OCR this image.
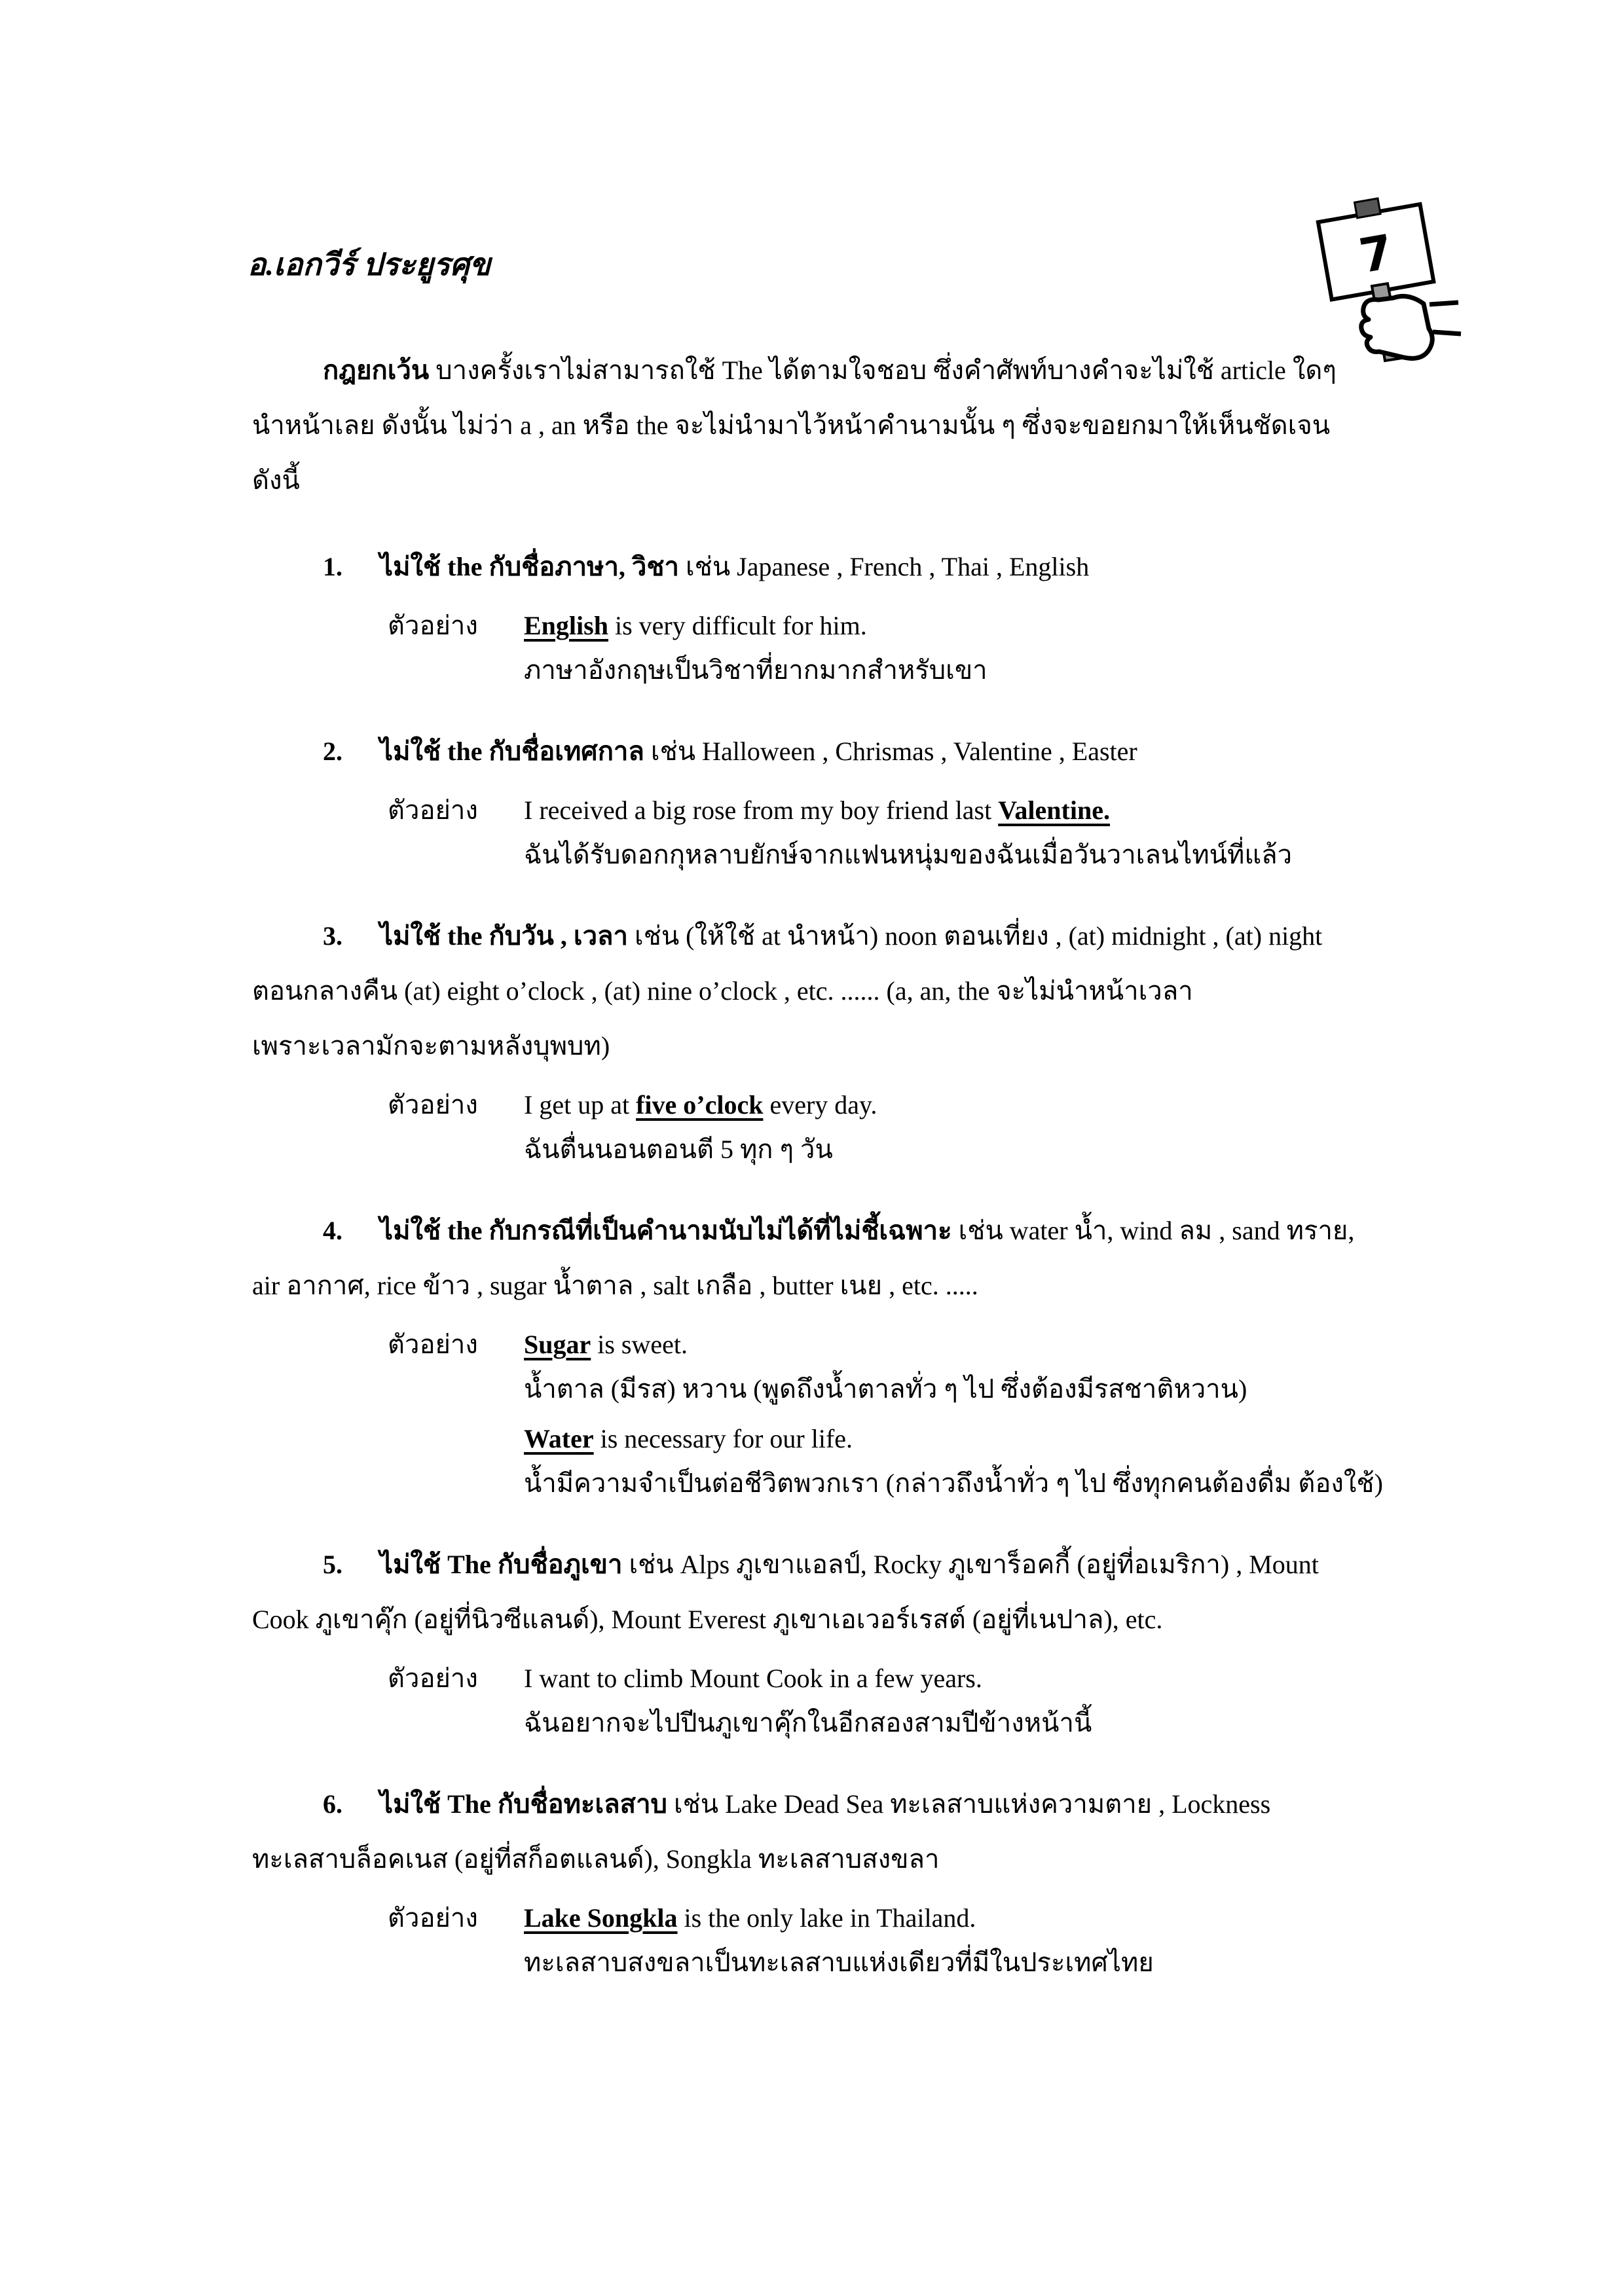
อ.เอกวีร์ ประยูรศุข	7
กฎยกเว้น บางครั้งเราไม่สามารถใช้ The ได้ตามใจชอบ ซึ่งคำศัพท์บางคำจะไม่ใช้ article ใดๆ
นำหน้าเลย ดังนั้น ไม่ว่า a , an หรือ the จะไม่นำมาไว้หน้าคำนามนั้น ๆ ซึ่งจะขอยกมาให้เห็นชัดเจน
ดังนี้
1.	ไม่ใช้ the กับชื่อภาษา, วิชา เช่น Japanese , French , Thai , English
ตัวอย่าง	English is very difficult for him.
ภาษาอังกฤษเป็นวิชาที่ยากมากสำหรับเขา
2.	ไม่ใช้ the กับชื่อเทศกาล เช่น Halloween , Chrismas , Valentine , Easter
ตัวอย่าง	I received a big rose from my boy friend last Valentine.
ฉันได้รับดอกกุหลาบยักษ์จากแฟนหนุ่มของฉันเมื่อวันวาเลนไทน์ที่แล้ว
3.	ไม่ใช้ the กับวัน , เวลา เช่น (ให้ใช้ at นำหน้า) noon ตอนเที่ยง , (at) midnight , (at) night
ตอนกลางคืน (at) eight o’clock , (at) nine o’clock , etc. ...... (a, an, the จะไม่นำหน้าเวลา
เพราะเวลามักจะตามหลังบุพบท)
ตัวอย่าง	I get up at five o’clock every day.
ฉันตื่นนอนตอนตี 5 ทุก ๆ วัน
4.	ไม่ใช้ the กับกรณีที่เป็นคำนามนับไม่ได้ที่ไม่ชี้เฉพาะ เช่น water น้ำ, wind ลม , sand ทราย,
air อากาศ, rice ข้าว , sugar น้ำตาล , salt เกลือ , butter เนย , etc. .....
ตัวอย่าง	Sugar is sweet.
น้ำตาล (มีรส) หวาน (พูดถึงน้ำตาลทั่ว ๆ ไป ซึ่งต้องมีรสชาติหวาน)
Water is necessary for our life.
น้ำมีความจำเป็นต่อชีวิตพวกเรา (กล่าวถึงน้ำทั่ว ๆ ไป ซึ่งทุกคนต้องดื่ม ต้องใช้)
5.	ไม่ใช้ The กับชื่อภูเขา เช่น Alps ภูเขาแอลป์, Rocky ภูเขาร็อคกี้ (อยู่ที่อเมริกา) , Mount
Cook ภูเขาคุ๊ก (อยู่ที่นิวซีแลนด์), Mount Everest ภูเขาเอเวอร์เรสต์ (อยู่ที่เนปาล), etc.
ตัวอย่าง	I want to climb Mount Cook in a few years.
ฉันอยากจะไปปีนภูเขาคุ๊กในอีกสองสามปีข้างหน้านี้
6.	ไม่ใช้ The กับชื่อทะเลสาบ เช่น Lake Dead Sea ทะเลสาบแห่งความตาย , Lockness
ทะเลสาบล็อคเนส (อยู่ที่สก็อตแลนด์), Songkla ทะเลสาบสงขลา
ตัวอย่าง	Lake Songkla is the only lake in Thailand.
ทะเลสาบสงขลาเป็นทะเลสาบแห่งเดียวที่มีในประเทศไทย
